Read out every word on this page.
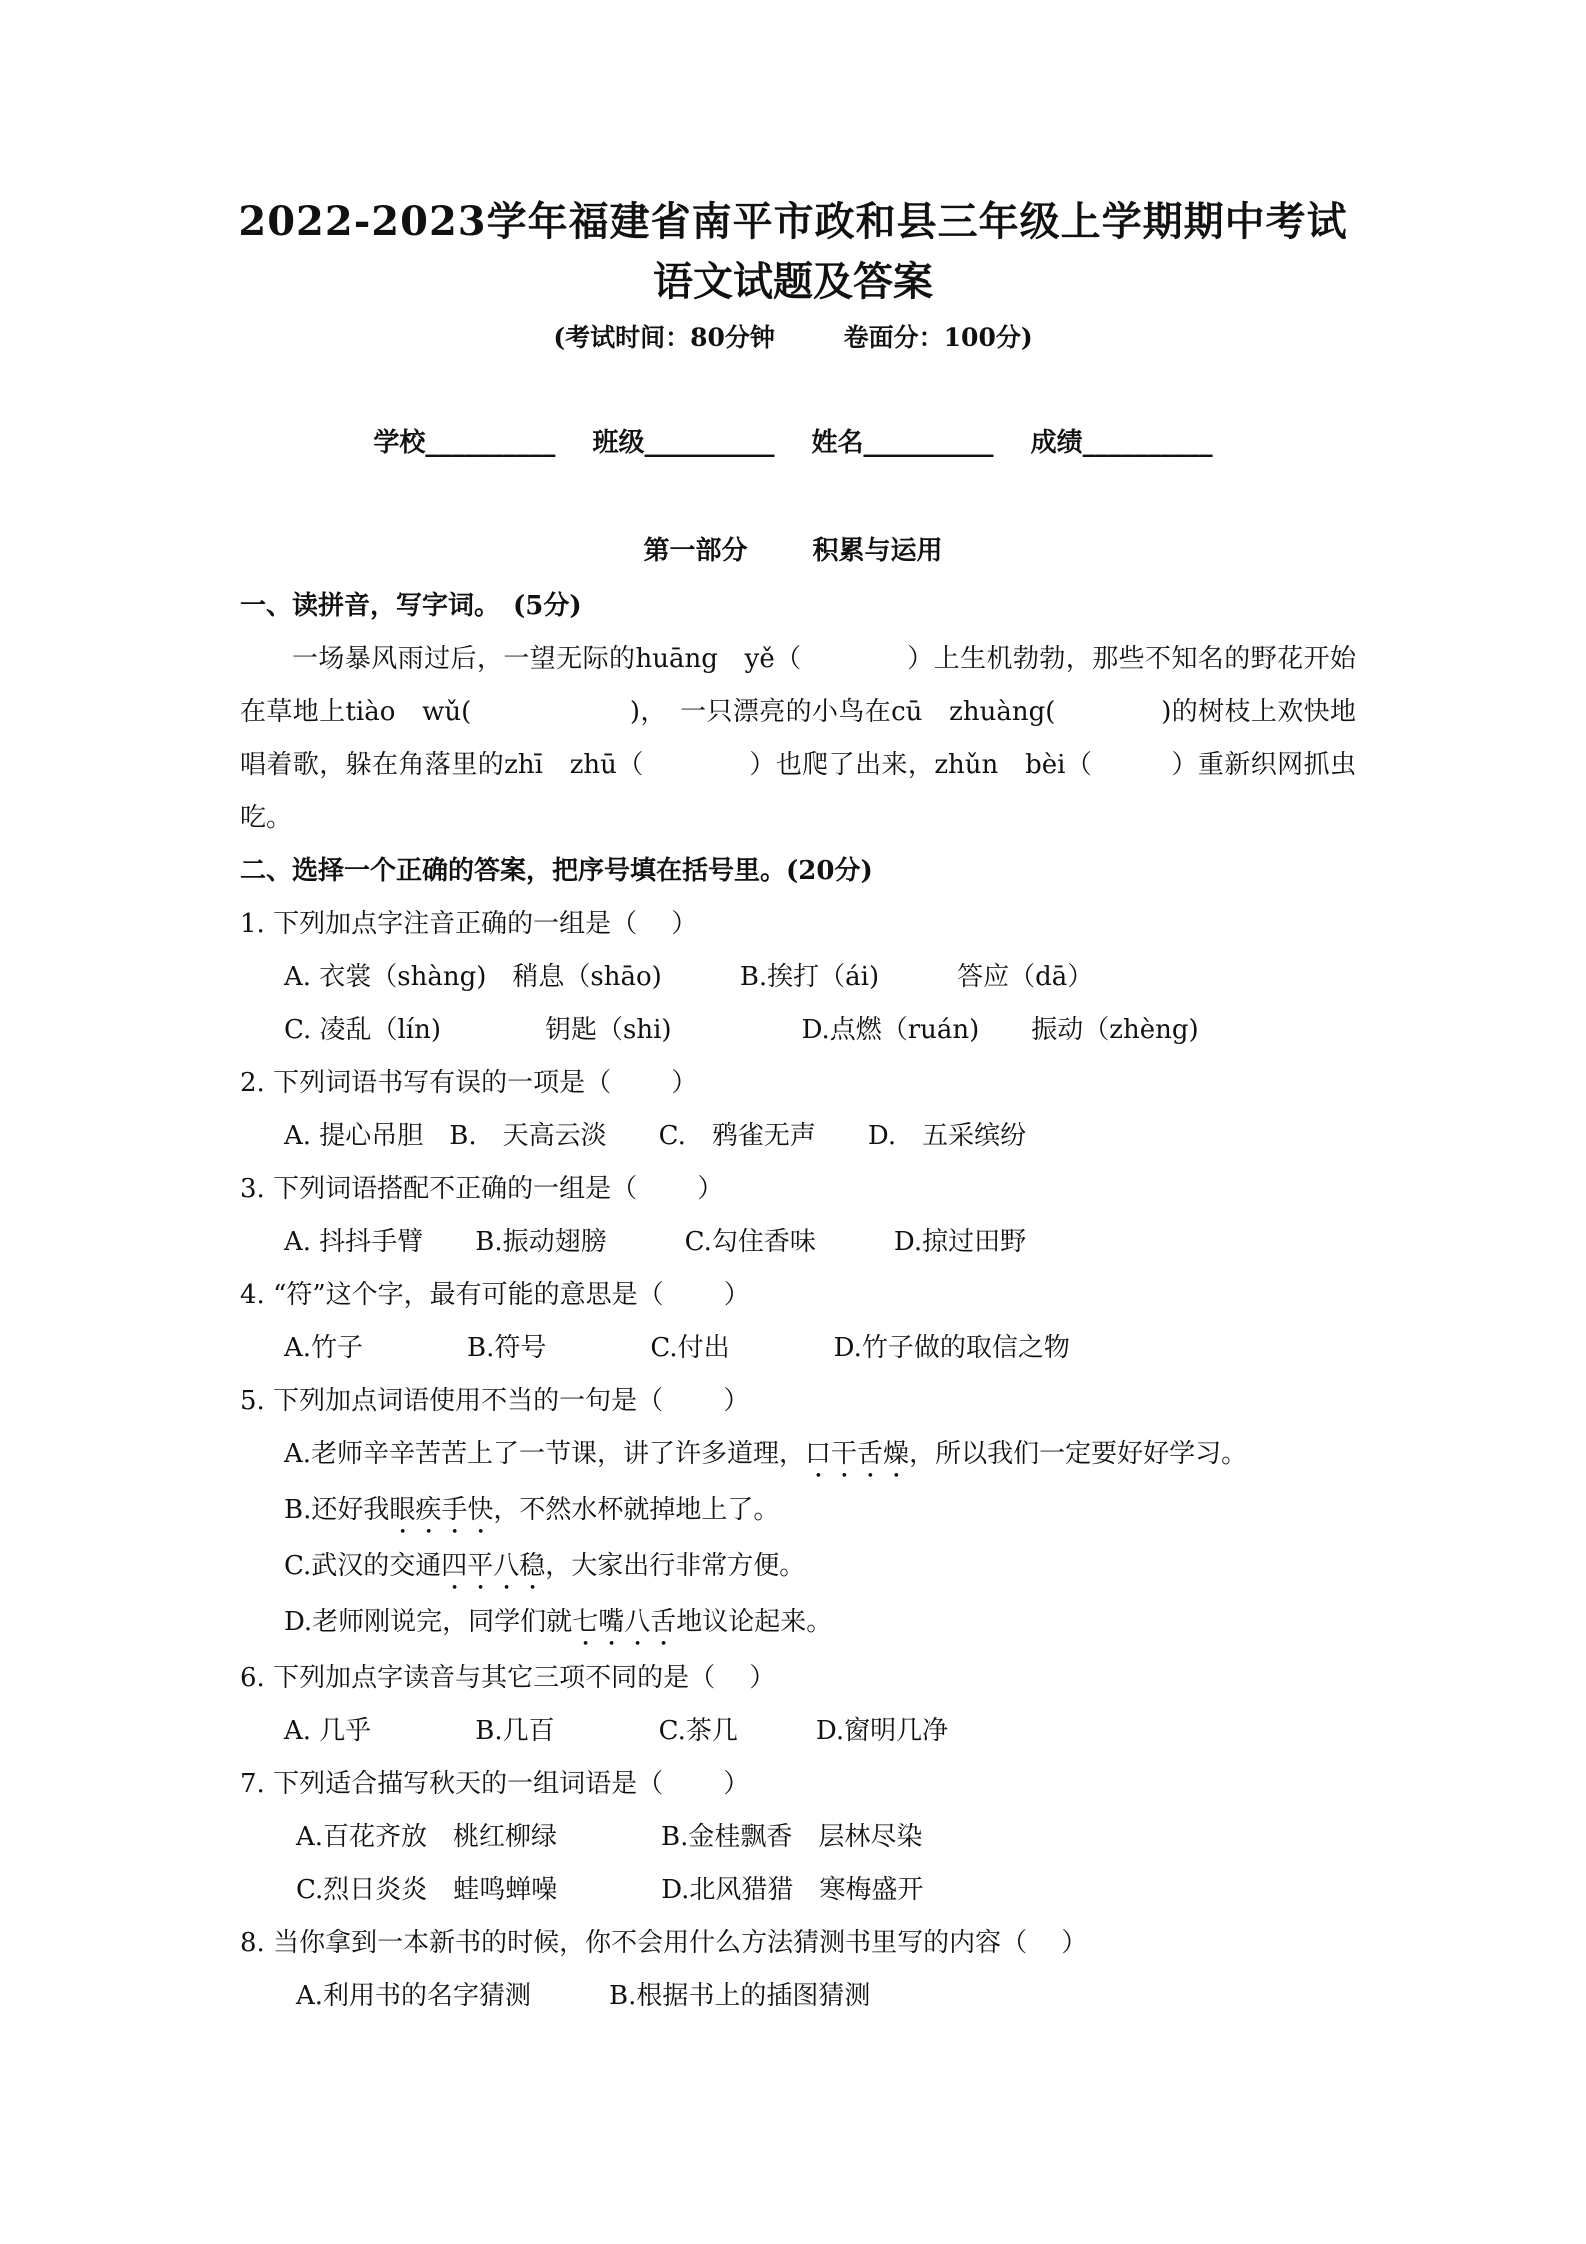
2022-2023学年福建省南平市政和县三年级上学期期中考试
语文试题及答案
(考试时间：80分钟	卷面分：100分)
学校__________ 班级__________ 姓名__________ 成绩__________
第一部分	积累与运用

一、读拼音，写字词。　(5分)

一场暴风雨过后，一望无际的huāng　yě（　　　　）上生机勃勃，那些不知名的野花开始在草地上tiào　wǔ(　　　　　　)，　一只漂亮的小鸟在cū　zhuàng(　　　　)的树枝上欢快地唱着歌，躲在角落里的zhī　zhū（　　　　）也爬了出来，zhǔn　bèi（　　　）重新织网抓虫吃。

二、选择一个正确的答案，把序号填在括号里。(20分)

1. 下列加点字注音正确的一组是（　 ）

A. 衣裳（shàng)　稍息（shāo)　　　B.挨打（ái)　　　答应（dā）

C. 凌乱（lín)　　　　钥匙（shi)　　　　　D.点燃（ruán)　　振动（zhèng)

2. 下列词语书写有误的一项是（　　 ）

A. 提心吊胆　B.　天高云淡　　C.　鸦雀无声　　D.　五采缤纷

3. 下列词语搭配不正确的一组是（　　 ）

A. 抖抖手臂　　B.振动翅膀　　　C.勾住香味　　　D.掠过田野

4. “符”这个字，最有可能的意思是（　　 ）

A.竹子　　　　B.符号　　　　C.付出　　　　D.竹子做的取信之物

5. 下列加点词语使用不当的一句是（　　 ）

A.老师辛辛苦苦上了一节课，讲了许多道理，口干舌燥，所以我们一定要好好学习。

B.还好我眼疾手快，不然水杯就掉地上了。

C.武汉的交通四平八稳，大家出行非常方便。

D.老师刚说完，同学们就七嘴八舌地议论起来。

6. 下列加点字读音与其它三项不同的是（　 ）

A. 几乎　　　　B.几百　　　　C.茶几　　　D.窗明几净

7. 下列适合描写秋天的一组词语是（　　 ）

A.百花齐放　桃红柳绿　　　　B.金桂飘香　层林尽染

C.烈日炎炎　蛙鸣蝉噪　　　　D.北风猎猎　寒梅盛开

8. 当你拿到一本新书的时候，你不会用什么方法猜测书里写的内容（　 ）

A.利用书的名字猜测　　　B.根据书上的插图猜测
